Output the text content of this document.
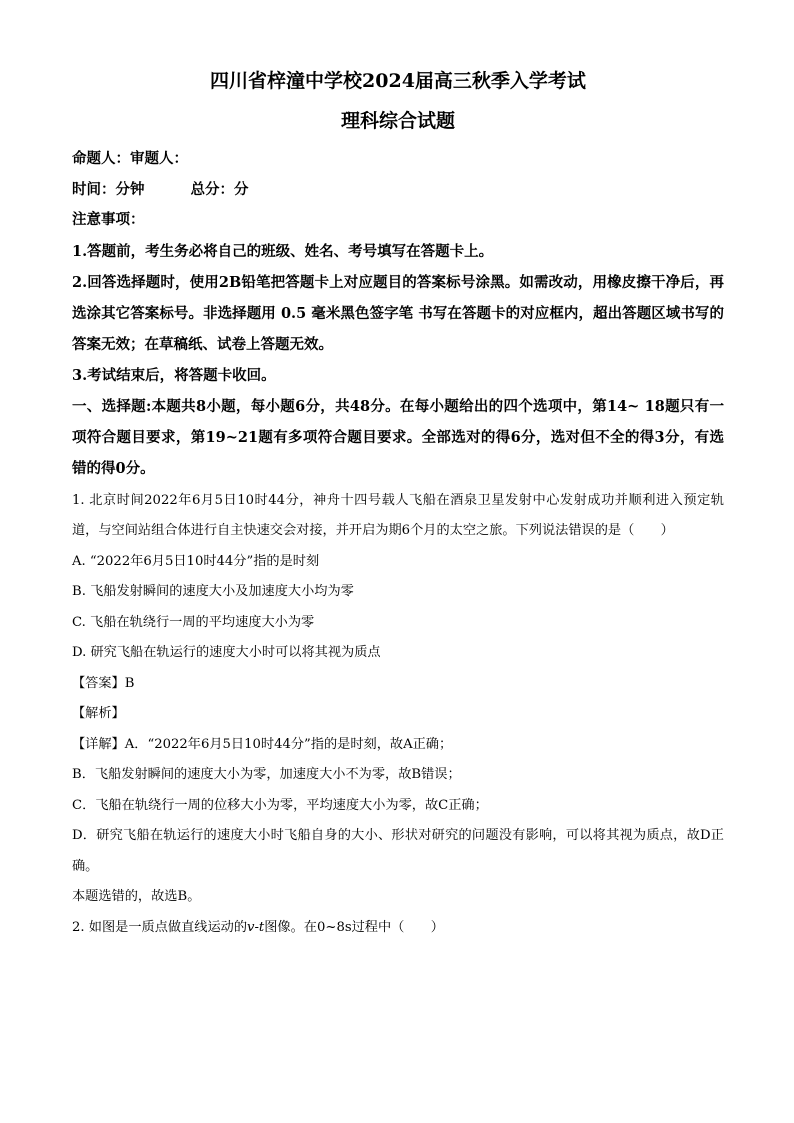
四川省梓潼中学校2024届高三秋季入学考试
理科综合试题

命题人：审题人：

时间：分钟	总分：分

注意事项：

1.答题前，考生务必将自己的班级、姓名、考号填写在答题卡上。

2.回答选择题时，使用2B铅笔把答题卡上对应题目的答案标号涂黑。如需改动，用橡皮擦干净后，再选涂其它答案标号。非选择题用 0.5 毫米黑色签字笔 书写在答题卡的对应框内，超出答题区域书写的答案无效；在草稿纸、试卷上答题无效。

3.考试结束后，将答题卡收回。

一、选择题:本题共8小题，每小题6分，共48分。在每小题给出的四个选项中，第14~ 18题只有一项符合题目要求，第19~21题有多项符合题目要求。全部选对的得6分，选对但不全的得3分，有选错的得0分。

1. 北京时间2022年6月5日10时44分，神舟十四号载人飞船在酒泉卫星发射中心发射成功并顺利进入预定轨道，与空间站组合体进行自主快速交会对接，并开启为期6个月的太空之旅。下列说法错误的是（　　）

A. “2022年6月5日10时44分”指的是时刻

B. 飞船发射瞬间的速度大小及加速度大小均为零

C. 飞船在轨绕行一周的平均速度大小为零

D. 研究飞船在轨运行的速度大小时可以将其视为质点

【答案】B

【解析】

【详解】A．“2022年6月5日10时44分”指的是时刻，故A正确；

B．飞船发射瞬间的速度大小为零，加速度大小不为零，故B错误；

C．飞船在轨绕行一周的位移大小为零，平均速度大小为零，故C正确；

D．研究飞船在轨运行的速度大小时飞船自身的大小、形状对研究的问题没有影响，可以将其视为质点，故D正确。

本题选错的，故选B。

2. 如图是一质点做直线运动的v-t图像。在0~8s过程中（　　）
